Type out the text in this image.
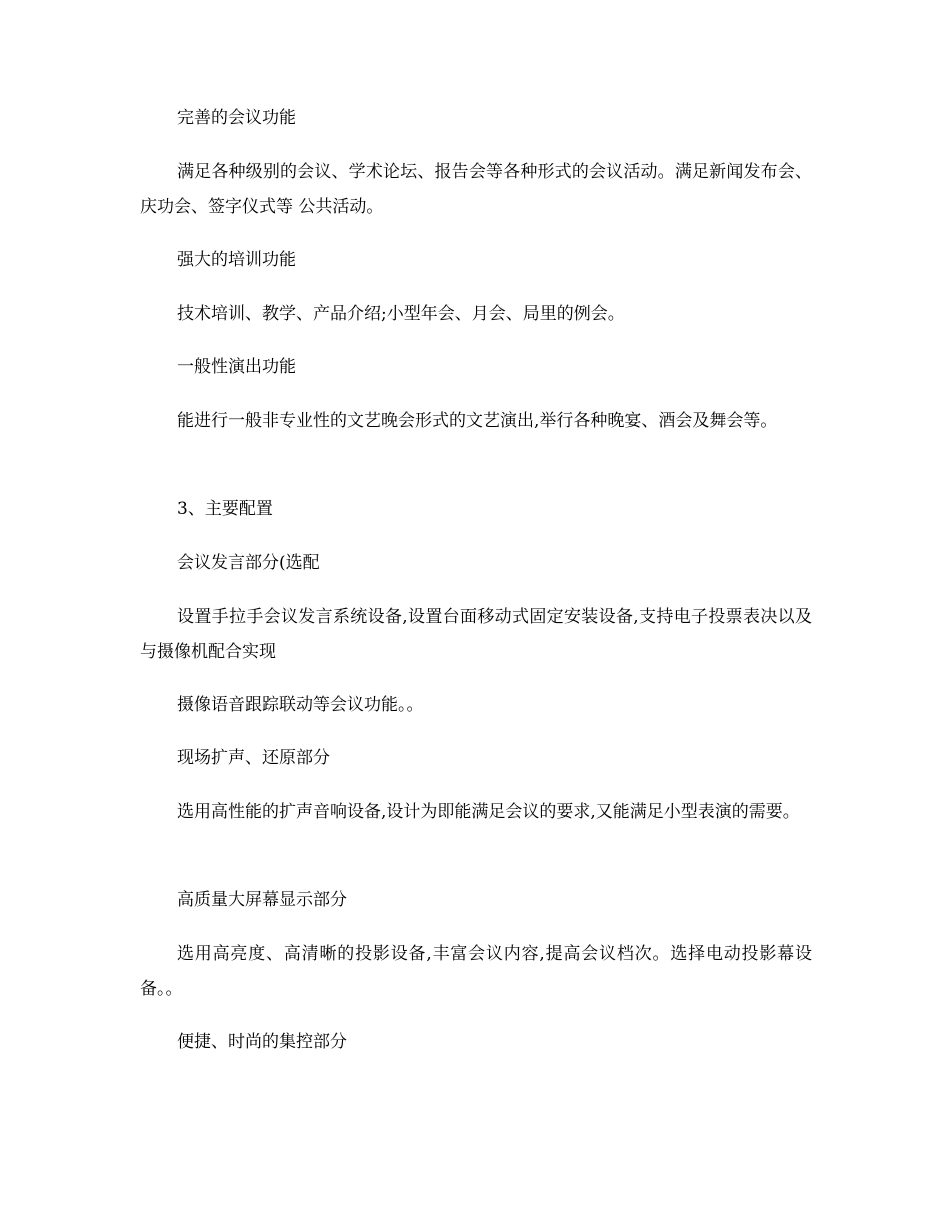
完善的会议功能

满足各种级别的会议、学术论坛、报告会等各种形式的会议活动。满足新闻发布会、庆功会、签字仪式等 公共活动。

强大的培训功能

技术培训、教学、产品介绍;小型年会、月会、局里的例会。

一般性演出功能

能进行一般非专业性的文艺晚会形式的文艺演出,举行各种晚宴、酒会及舞会等。

3、主要配置

会议发言部分(选配

设置手拉手会议发言系统设备,设置台面移动式固定安装设备,支持电子投票表决以及与摄像机配合实现

摄像语音跟踪联动等会议功能。。

现场扩声、还原部分

选用高性能的扩声音响设备,设计为即能满足会议的要求,又能满足小型表演的需要。

高质量大屏幕显示部分

选用高亮度、高清晰的投影设备,丰富会议内容,提高会议档次。选择电动投影幕设备。。

便捷、时尚的集控部分
